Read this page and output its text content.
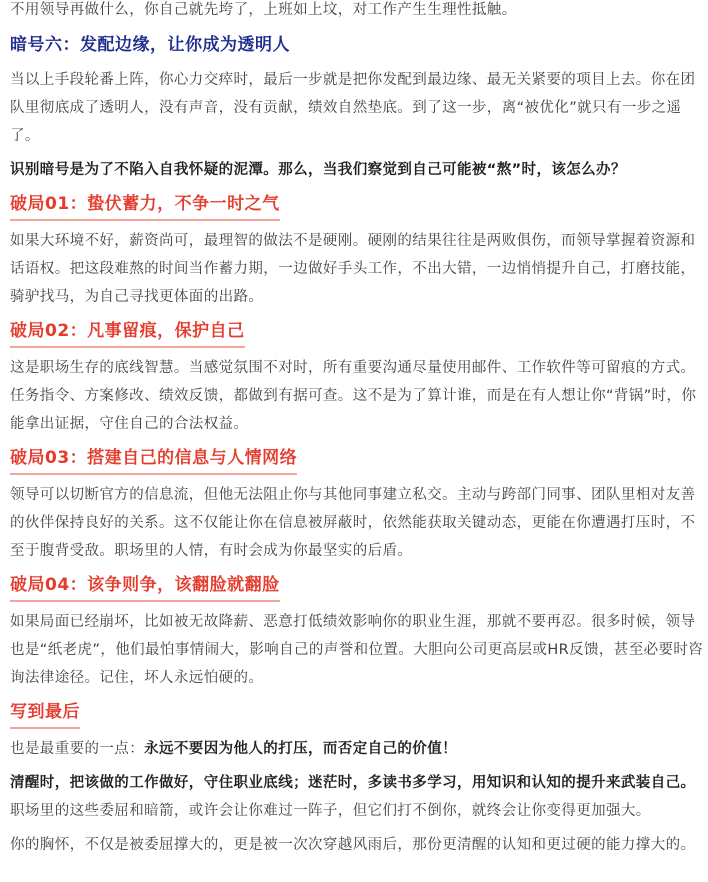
不用领导再做什么，你自己就先垮了，上班如上坟，对工作产生生理性抵触。

暗号六：发配边缘，让你成为透明人

当以上手段轮番上阵，你心力交瘁时，最后一步就是把你发配到最边缘、最无关紧要的项目上去。你在团队里彻底成了透明人，没有声音，没有贡献，绩效自然垫底。到了这一步，离“被优化”就只有一步之遥了。

识别暗号是为了不陷入自我怀疑的泥潭。那么，当我们察觉到自己可能被“熬”时，该怎么办？

破局01：蛰伏蓄力，不争一时之气

如果大环境不好，薪资尚可，最理智的做法不是硬刚。硬刚的结果往往是两败俱伤，而领导掌握着资源和话语权。把这段难熬的时间当作蓄力期，一边做好手头工作，不出大错，一边悄悄提升自己，打磨技能，骑驴找马，为自己寻找更体面的出路。

破局02：凡事留痕，保护自己

这是职场生存的底线智慧。当感觉氛围不对时，所有重要沟通尽量使用邮件、工作软件等可留痕的方式。任务指令、方案修改、绩效反馈，都做到有据可查。这不是为了算计谁，而是在有人想让你“背锅”时，你能拿出证据，守住自己的合法权益。

破局03：搭建自己的信息与人情网络

领导可以切断官方的信息流，但他无法阻止你与其他同事建立私交。主动与跨部门同事、团队里相对友善的伙伴保持良好的关系。这不仅能让你在信息被屏蔽时，依然能获取关键动态，更能在你遭遇打压时，不至于腹背受敌。职场里的人情，有时会成为你最坚实的后盾。

破局04：该争则争，该翻脸就翻脸

如果局面已经崩坏，比如被无故降薪、恶意打低绩效影响你的职业生涯，那就不要再忍。很多时候，领导也是“纸老虎”，他们最怕事情闹大，影响自己的声誉和位置。大胆向公司更高层或HR反馈，甚至必要时咨询法律途径。记住，坏人永远怕硬的。

写到最后

也是最重要的一点：永远不要因为他人的打压，而否定自己的价值！

清醒时，把该做的工作做好，守住职业底线；迷茫时，多读书多学习，用知识和认知的提升来武装自己。职场里的这些委屈和暗箭，或许会让你难过一阵子，但它们打不倒你，就终会让你变得更加强大。

你的胸怀，不仅是被委屈撑大的，更是被一次次穿越风雨后，那份更清醒的认知和更过硬的能力撑大的。
